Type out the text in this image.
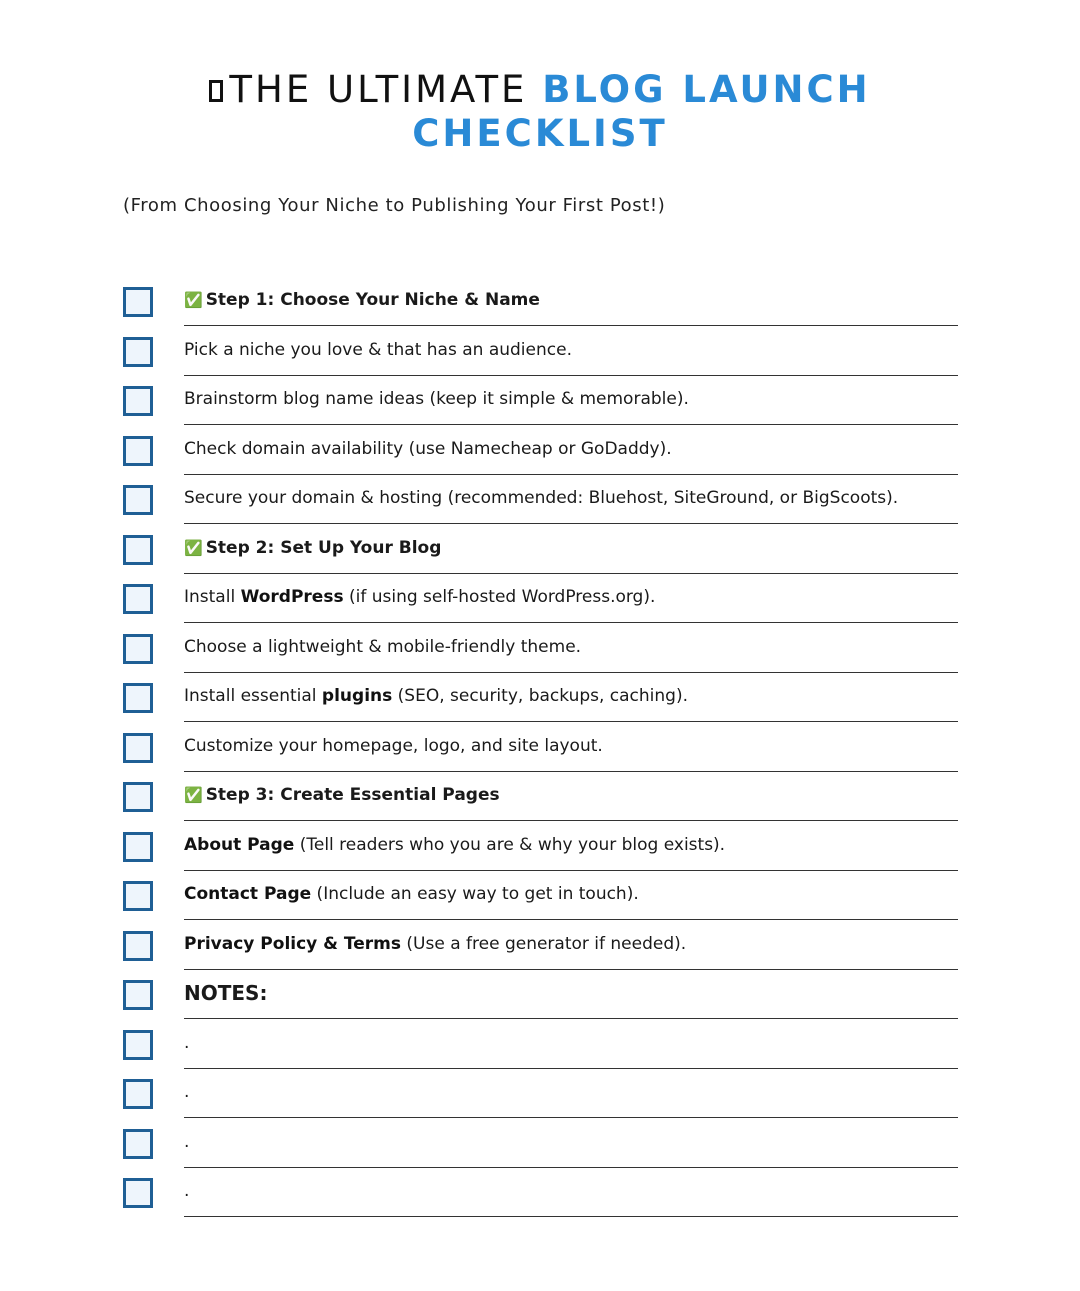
THE ULTIMATE BLOG LAUNCH
CHECKLIST
(From Choosing Your Niche to Publishing Your First Post!)
✅ Step 1: Choose Your Niche & Name
Pick a niche you love & that has an audience.
Brainstorm blog name ideas (keep it simple & memorable).
Check domain availability (use Namecheap or GoDaddy).
Secure your domain & hosting (recommended: Bluehost, SiteGround, or BigScoots).
✅ Step 2: Set Up Your Blog
Install WordPress (if using self-hosted WordPress.org).
Choose a lightweight & mobile-friendly theme.
Install essential plugins (SEO, security, backups, caching).
Customize your homepage, logo, and site layout.
✅ Step 3: Create Essential Pages
About Page (Tell readers who you are & why your blog exists).
Contact Page (Include an easy way to get in touch).
Privacy Policy & Terms (Use a free generator if needed).
NOTES:
.
.
.
.
